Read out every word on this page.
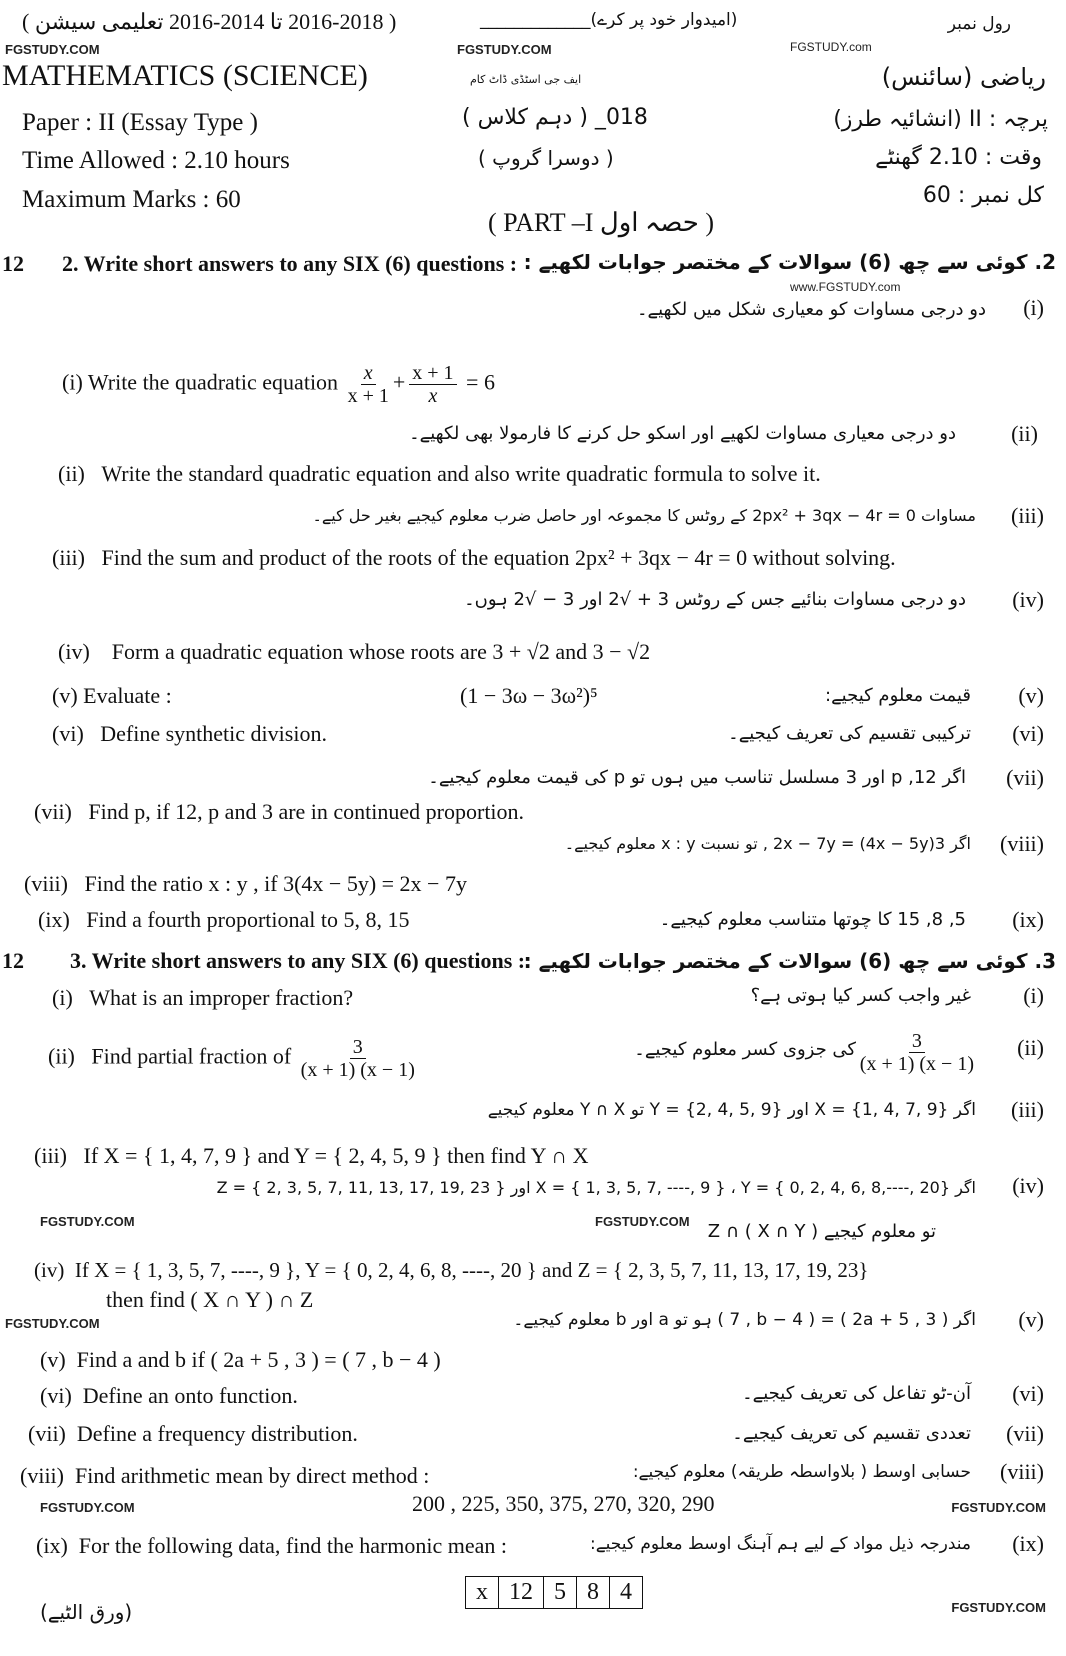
( 2016-2018 تا 2014-2016 تعلیمی سیشن )	(امیدوار خود پر کرے)_____________	رول نمبر
FGSTUDY.COM	FGSTUDY.COM	FGSTUDY.com
MATHEMATICS (SCIENCE)	ایف جی اسٹڈی ڈاٹ کام	ریاضی (سائنس)
Paper : II (Essay Type )	018_ ( دہم کلاس )	پرچہ : II (انشائیہ طرز)
Time Allowed : 2.10 hours	( دوسرا گروپ )	وقت : 2.10 گھنٹے
Maximum Marks : 60	کل نمبر : 60
( PART –I حصہ اول )
12 2. Write short answers to any SIX (6) questions : 2. کوئی سے چھ (6) سوالات کے مختصر جوابات لکھیے :
www.FGSTUDY.com
دو درجی مساوات کو معیاری شکل میں لکھیے۔ (i)
(i) Write the quadratic equation $\frac{x}{x + 1} + \frac{x + 1}{x} = 6$
دو درجی معیاری مساوات لکھیے اور اسکو حل کرنے کا فارمولا بھی لکھیے۔	(ii)
(ii) Write the standard quadratic equation and also write quadratic formula to solve it.
مساوات 2px² + 3qx − 4r = 0 کے روٹس کا مجموعہ اور حاصل ضرب معلوم کیجیے بغیر حل کیے۔ (iii)
(iii) Find the sum and product of the roots of the equation 2px² + 3qx − 4r = 0 without solving.
دو درجی مساوات بنائیے جس کے روٹس 3 + √2 اور 3 − √2 ہوں۔ (iv)
(iv) Form a quadratic equation whose roots are 3 + √2 and 3 − √2
(v) Evaluate :	(1 − 3ω − 3ω²)⁵	قیمت معلوم کیجیے: (v)
(vi) Define synthetic division.	ترکیبی تقسیم کی تعریف کیجیے۔ (vi)
اگر 12, p اور 3 مسلسل تناسب میں ہوں تو p کی قیمت معلوم کیجیے۔ (vii)
(vii) Find p, if 12, p and 3 are in continued proportion.
اگر 3(4x − 5y) = 2x − 7y , تو نسبت x : y معلوم کیجیے۔ (viii)
(viii) Find the ratio x : y , if 3(4x − 5y) = 2x − 7y
(ix) Find a fourth proportional to 5, 8, 15	5, 8, 15 کا چوتھا متناسب معلوم کیجیے۔ (ix)
12 3. Write short answers to any SIX (6) questions :
3. کوئی سے چھ (6) سوالات کے مختصر جوابات لکھیے :
(i) What is an improper fraction?	غیر واجب کسر کیا ہوتی ہے؟ (i)
(ii) Find partial fraction of $\frac{3}{(x + 1) (x - 1)}$	کی جزوی کسر معلوم کیجیے۔ $\frac{3}{(x + 1) (x - 1)} (ii)$
اگر X = {1, 4, 7, 9} اور Y = {2, 4, 5, 9} تو Y ∩ X معلوم کیجیے (iii)
(iii) If X = { 1, 4, 7, 9 } and Y = { 2, 4, 5, 9 } then find Y ∩ X
اگر X = { 1, 3, 5, 7, ----, 9 } ، Y = { 0, 2, 4, 6, 8,----, 20} اور Z = { 2, 3, 5, 7, 11, 13, 17, 19, 23 } (iv)
FGSTUDY.COM	FGSTUDY.COM تو معلوم کیجیے ( X ∩ Y ) ∩ Z
(iv) If X = { 1, 3, 5, 7, ----, 9 }, Y = { 0, 2, 4, 6, 8, ----, 20 } and Z = { 2, 3, 5, 7, 11, 13, 17, 19, 23}
then find ( X ∩ Y ) ∩ Z
FGSTUDY.COM	اگر ( 2a + 5 , 3 ) = ( 7 , b − 4 ) ہو تو a اور b معلوم کیجیے۔ (v)
(v) Find a and b if ( 2a + 5 , 3 ) = ( 7 , b − 4 )
(vi) Define an onto function.	آن-ٹو تفاعل کی تعریف کیجیے۔ (vi)
(vii) Define a frequency distribution.	تعددی تقسیم کی تعریف کیجیے۔ (vii)
(viii) Find arithmetic mean by direct method :	حسابی اوسط ( بلاواسطہ طریقہ) معلوم کیجیے: (viii)
FGSTUDY.COM	200 , 225, 350, 375, 270, 320, 290	FGSTUDY.COM
(ix) For the following data, find the harmonic mean :	مندرجہ ذیل مواد کے لیے ہم آہنگ اوسط معلوم کیجیے: (ix)
x	12	5	8	4
(ورق الٹیے)	FGSTUDY.COM
